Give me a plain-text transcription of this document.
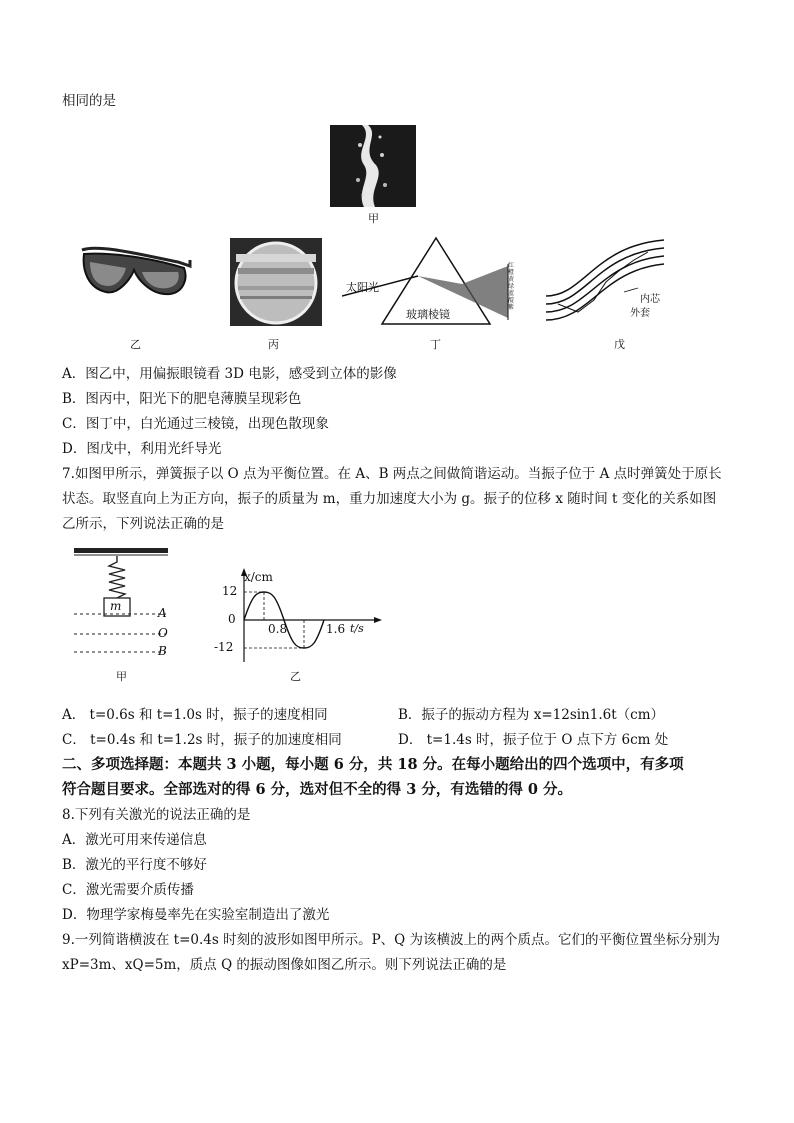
相同的是
甲
乙	丙
太阳光
玻璃棱镜
红橙黄绿蓝靛紫
丁
内芯
外套
戊
A．图乙中，用偏振眼镜看 3D 电影，感受到立体的影像
B．图丙中，阳光下的肥皂薄膜呈现彩色
C．图丁中，白光通过三棱镜，出现色散现象
D．图戊中，利用光纤导光
7.如图甲所示，弹簧振子以 O 点为平衡位置。在 A、B 两点之间做简谐运动。当振子位于 A 点时弹簧处于原长
状态。取竖直向上为正方向，振子的质量为 m，重力加速度大小为 g。振子的位移 x 随时间 t 变化的关系如图
乙所示，下列说法正确的是
m	A
O
B
甲
x/cm
12
0
-12
0.8	1.6 t/s
乙
A． t=0.6s 和 t=1.0s 时，振子的速度相同	B．振子的振动方程为 x=12sin1.6t（cm）
C． t=0.4s 和 t=1.2s 时，振子的加速度相同	D． t=1.4s 时，振子位于 O 点下方 6cm 处
二、多项选择题：本题共 3 小题，每小题 6 分，共 18 分。在每小题给出的四个选项中，有多项
符合题目要求。全部选对的得 6 分，选对但不全的得 3 分，有选错的得 0 分。
8.下列有关激光的说法正确的是
A．激光可用来传递信息
B．激光的平行度不够好
C．激光需要介质传播
D．物理学家梅曼率先在实验室制造出了激光
9.一列简谐横波在 t=0.4s 时刻的波形如图甲所示。P、Q 为该横波上的两个质点。它们的平衡位置坐标分别为
xP=3m、xQ=5m，质点 Q 的振动图像如图乙所示。则下列说法正确的是
